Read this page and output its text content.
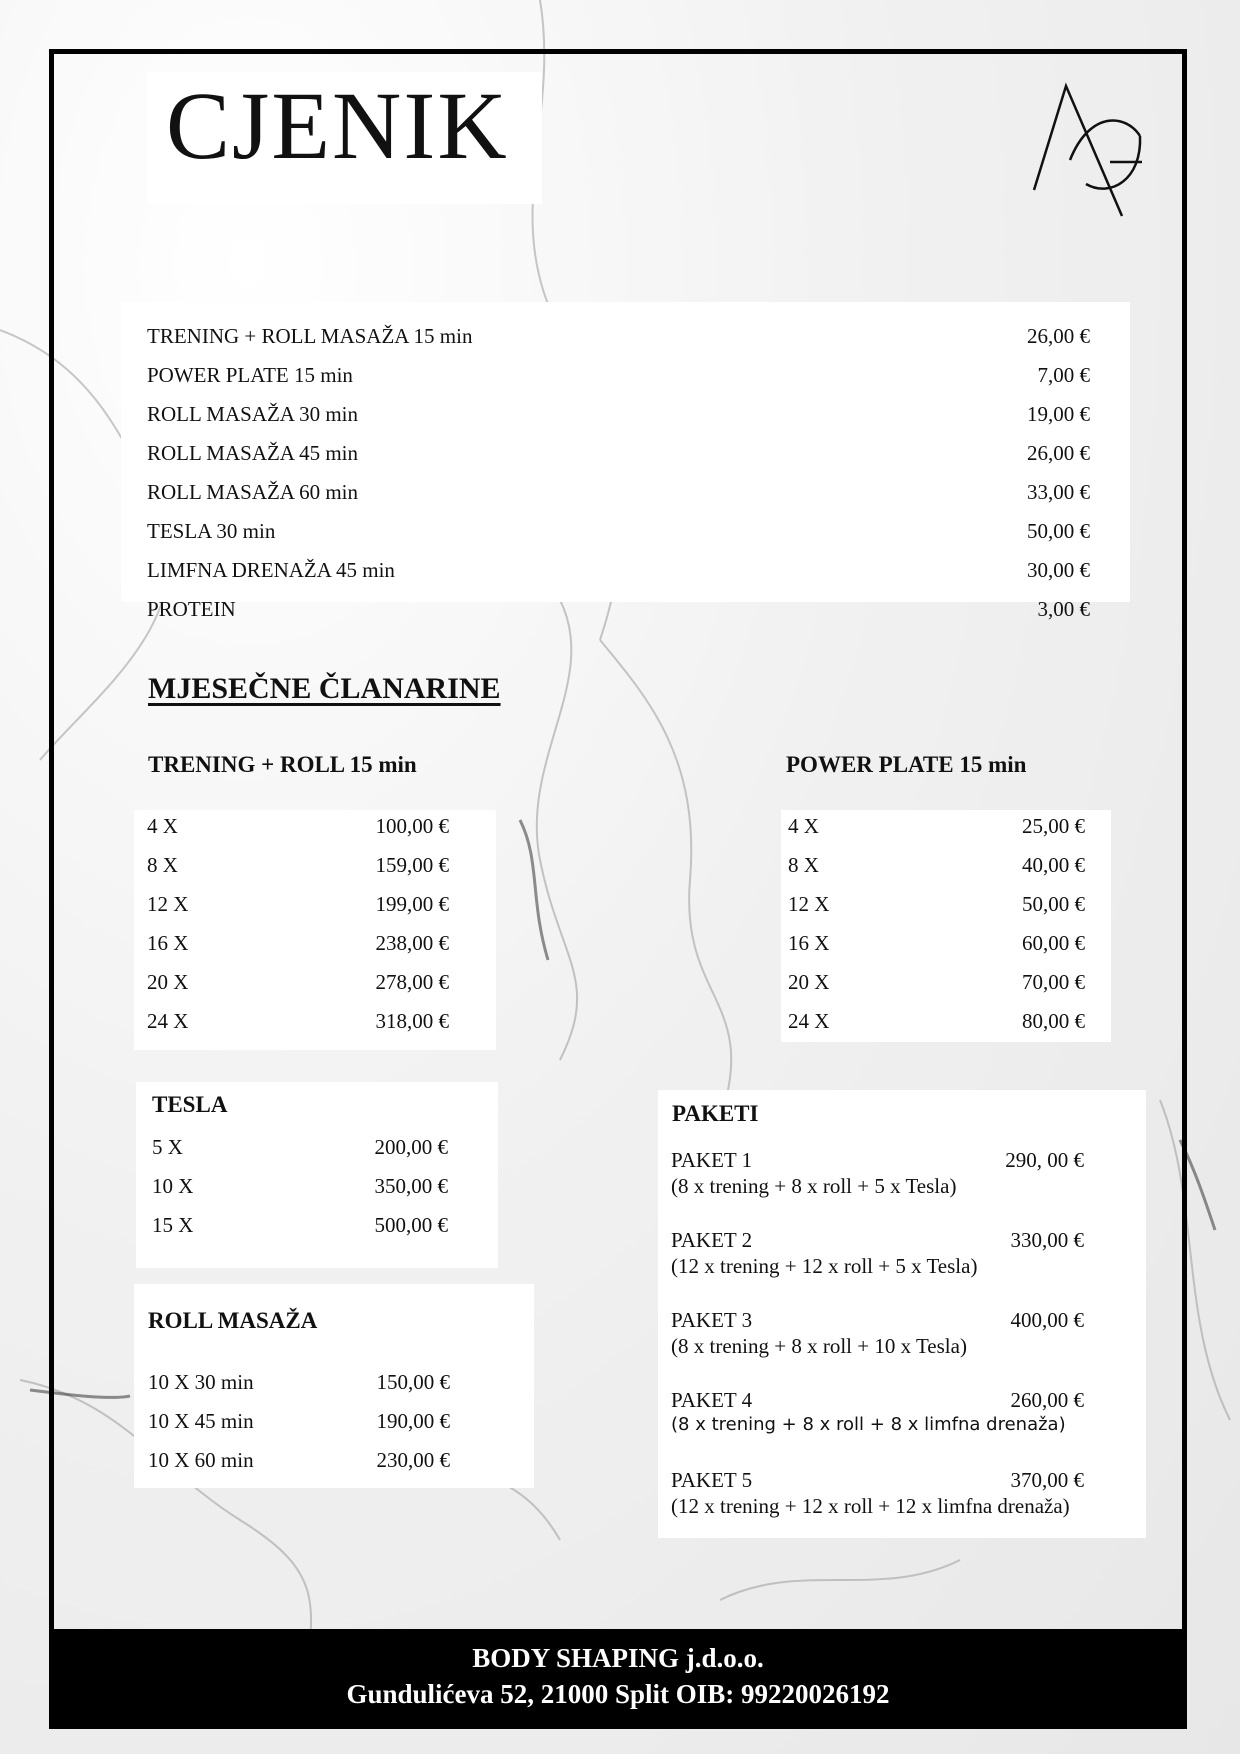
CJENIK
TRENING + ROLL MASAŽA 15 min	26,00 €
POWER PLATE 15 min	7,00 €
ROLL MASAŽA 30 min	19,00 €
ROLL MASAŽA 45 min	26,00 €
ROLL MASAŽA 60 min	33,00 €
TESLA 30 min	50,00 €
LIMFNA DRENAŽA 45 min	30,00 €
PROTEIN	3,00 €
MJESEČNE ČLANARINE
TRENING + ROLL 15 min
4 X	100,00 €
8 X	159,00 €
12 X	199,00 €
16 X	238,00 €
20 X	278,00 €
24 X	318,00 €
POWER PLATE 15 min
4 X	25,00 €
8 X	40,00 €
12 X	50,00 €
16 X	60,00 €
20 X	70,00 €
24 X	80,00 €
TESLA
5 X	200,00 €
10 X	350,00 €
15 X	500,00 €
ROLL MASAŽA
10 X 30 min	150,00 €
10 X 45 min	190,00 €
10 X 60 min	230,00 €
PAKETI
PAKET 1	290, 00 €
(8 x trening + 8 x roll + 5 x Tesla)
PAKET 2	330,00 €
(12 x trening + 12 x roll + 5 x Tesla)
PAKET 3	400,00 €
(8 x trening + 8 x roll + 10 x Tesla)
PAKET 4	260,00 €
(8 x trening + 8 x roll + 8 x limfna drenaža)
PAKET 5	370,00 €
(12 x trening + 12 x roll + 12 x limfna drenaža)
BODY SHAPING j.d.o.o.
Gundulićeva 52, 21000 Split OIB: 99220026192
